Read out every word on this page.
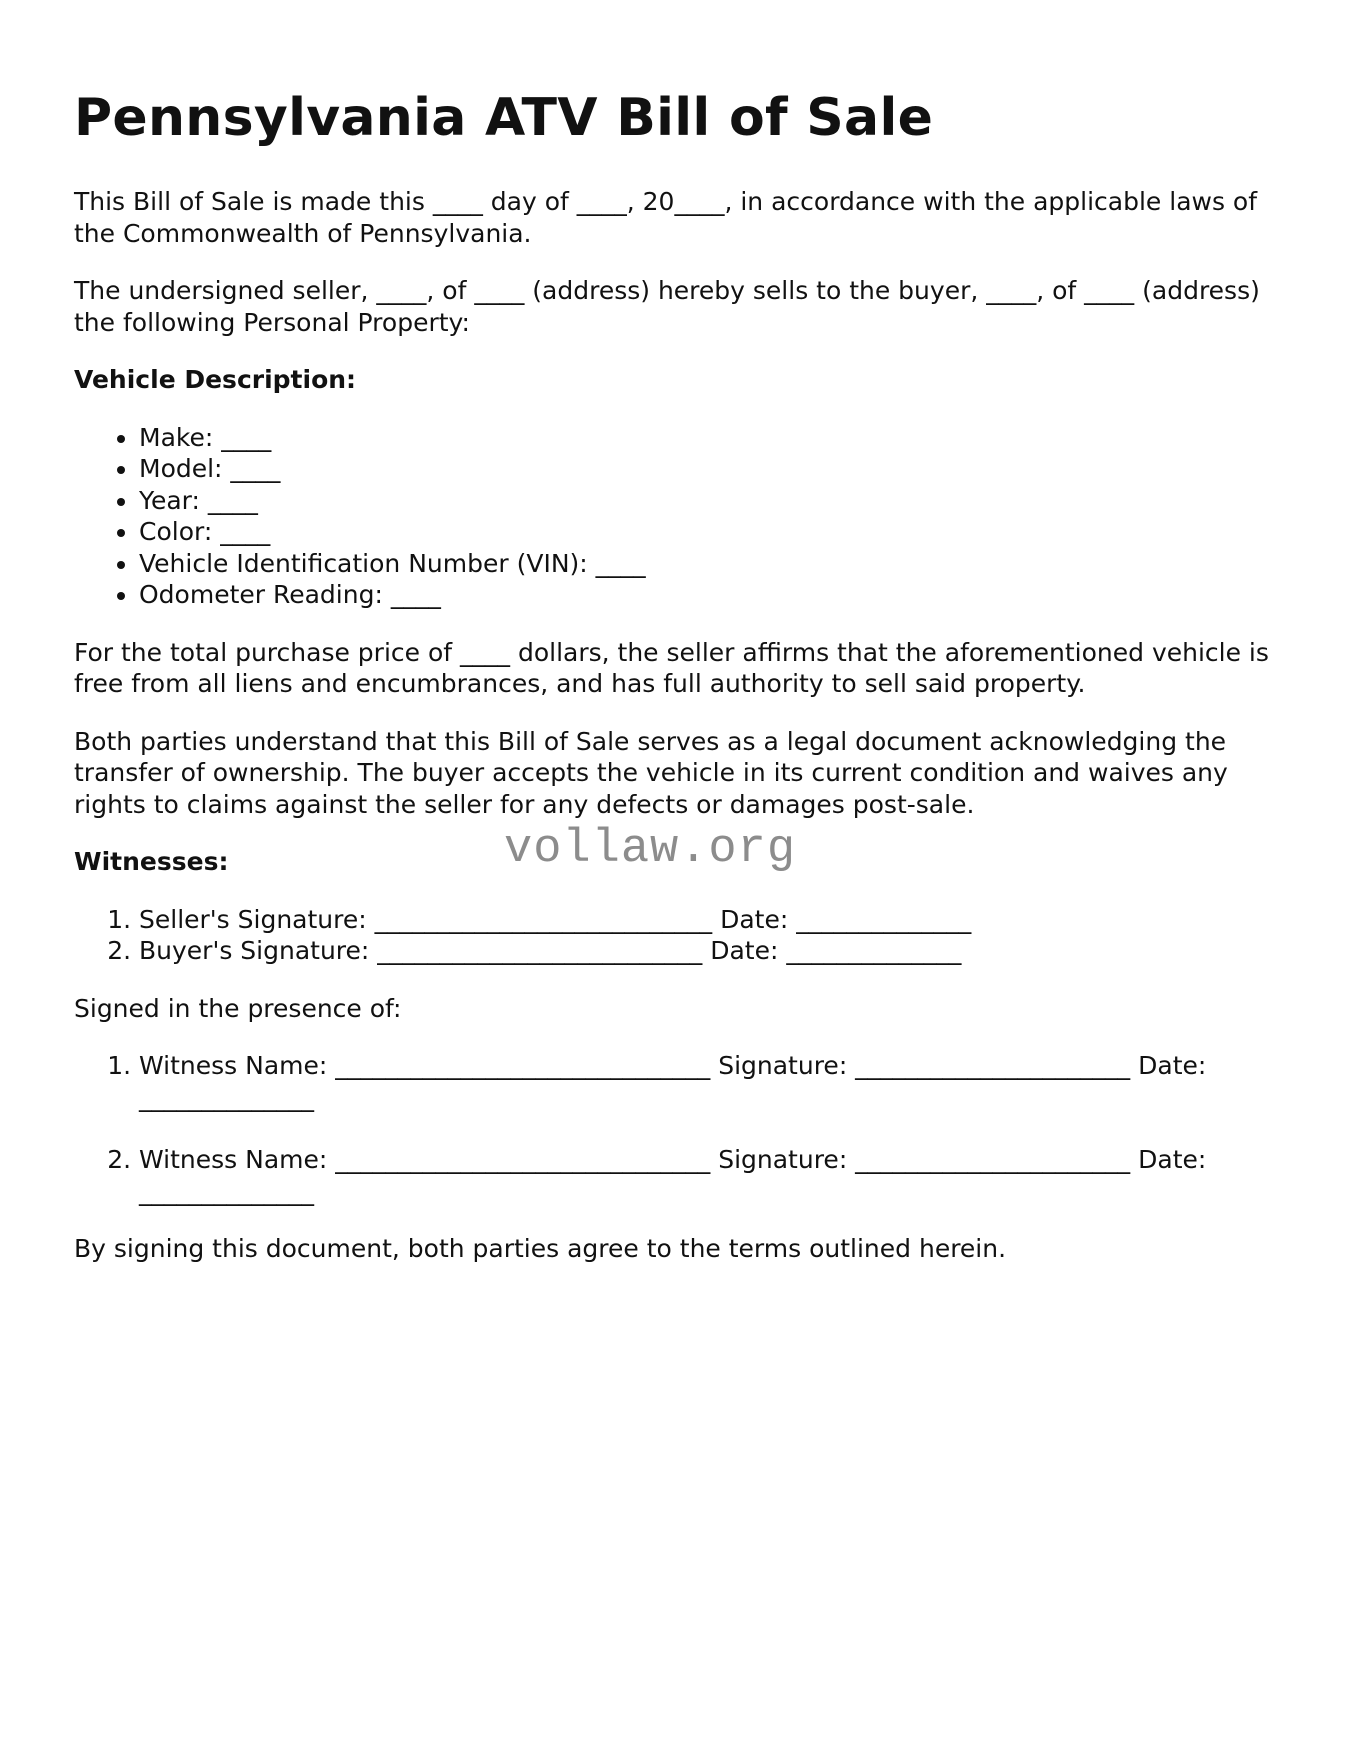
Pennsylvania ATV Bill of Sale

This Bill of Sale is made this ____ day of ____, 20____, in accordance with the applicable laws of the Commonwealth of Pennsylvania.

The undersigned seller, ____, of ____ (address) hereby sells to the buyer, ____, of ____ (address) the following Personal Property:

Vehicle Description:
• Make: ____
• Model: ____
• Year: ____
• Color: ____
• Vehicle Identification Number (VIN): ____
• Odometer Reading: ____

For the total purchase price of ____ dollars, the seller affirms that the aforementioned vehicle is free from all liens and encumbrances, and has full authority to sell said property.

Both parties understand that this Bill of Sale serves as a legal document acknowledging the transfer of ownership. The buyer accepts the vehicle in its current condition and waives any rights to claims against the seller for any defects or damages post-sale.

Witnesses:	vollaw.org
1. Seller's Signature: ___________________________ Date: ______________
2. Buyer's Signature: __________________________ Date: ______________

Signed in the presence of:

1. Witness Name: ______________________________ Signature: ______________________ Date: ______________
2. Witness Name: ______________________________ Signature: ______________________ Date: ______________

By signing this document, both parties agree to the terms outlined herein.
